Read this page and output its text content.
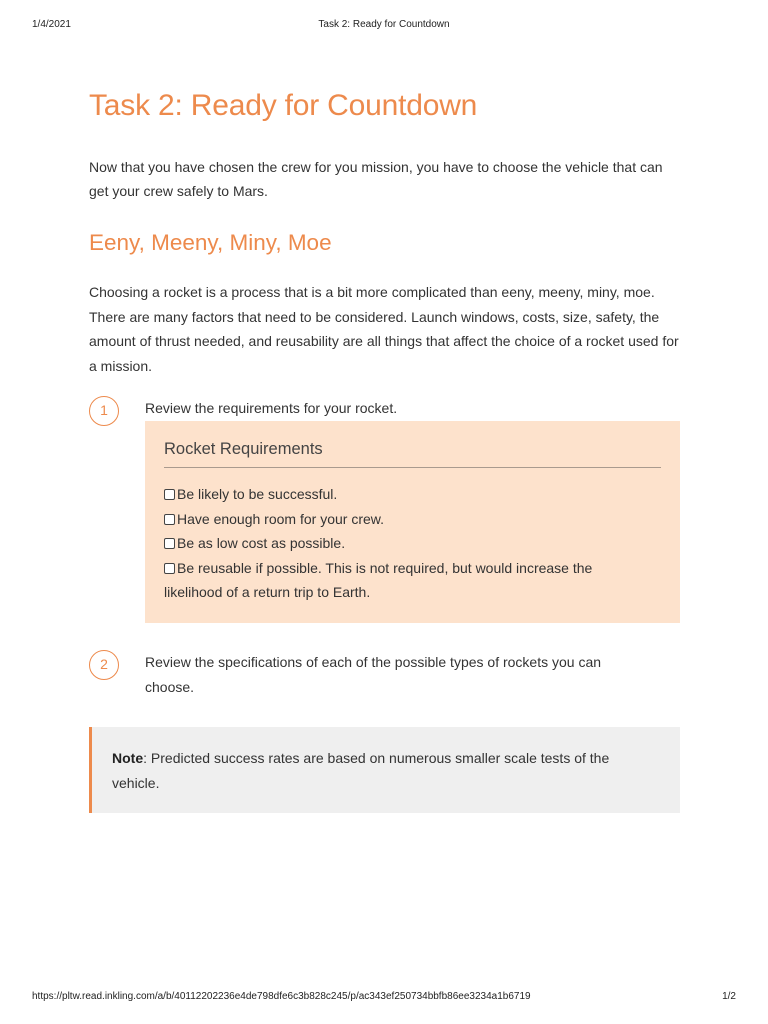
1/4/2021	Task 2: Ready for Countdown
Task 2: Ready for Countdown

Now that you have chosen the crew for you mission, you have to choose the vehicle that can get your crew safely to Mars.

Eeny, Meeny, Miny, Moe

Choosing a rocket is a process that is a bit more complicated than eeny, meeny, miny, moe. There are many factors that need to be considered. Launch windows, costs, size, safety, the amount of thrust needed, and reusability are all things that affect the choice of a rocket used for a mission.

1	Review the requirements for your rocket.

Rocket Requirements
Be likely to be successful.
Have enough room for your crew.
Be as low cost as possible.
Be reusable if possible. This is not required, but would increase the likelihood of a return trip to Earth.
2	Review the specifications of each of the possible types of rockets you can choose.

Note: Predicted success rates are based on numerous smaller scale tests of the vehicle.

https://pltw.read.inkling.com/a/b/40112202236e4de798dfe6c3b828c245/p/ac343ef250734bbfb86ee3234a1b6719	1/2
